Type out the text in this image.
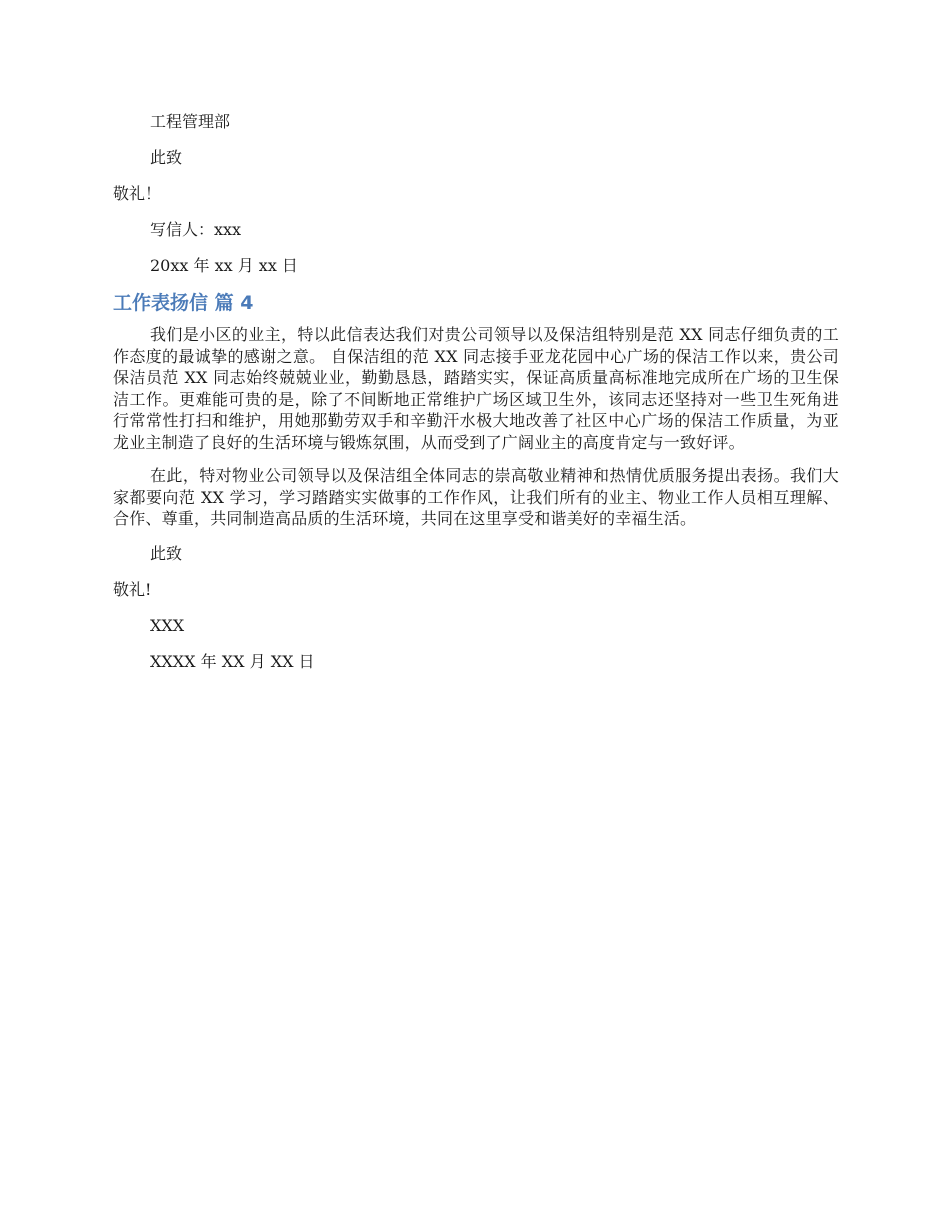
工程管理部

此致

敬礼！

写信人：xxx

20xx 年 xx 月 xx 日

工作表扬信 篇 4

我们是小区的业主，特以此信表达我们对贵公司领导以及保洁组特别是范 XX 同志仔细负责的工作态度的最诚挚的感谢之意。 自保洁组的范 XX 同志接手亚龙花园中心广场的保洁工作以来，贵公司保洁员范 XX 同志始终兢兢业业，勤勤恳恳，踏踏实实，保证高质量高标准地完成所在广场的卫生保洁工作。更难能可贵的是，除了不间断地正常维护广场区域卫生外，该同志还坚持对一些卫生死角进行常常性打扫和维护，用她那勤劳双手和辛勤汗水极大地改善了社区中心广场的保洁工作质量，为亚龙业主制造了良好的生活环境与锻炼氛围，从而受到了广阔业主的高度肯定与一致好评。

在此，特对物业公司领导以及保洁组全体同志的崇高敬业精神和热情优质服务提出表扬。我们大家都要向范 XX 学习，学习踏踏实实做事的工作作风，让我们所有的业主、物业工作人员相互理解、合作、尊重，共同制造高品质的生活环境，共同在这里享受和谐美好的幸福生活。

此致

敬礼!

XXX

XXXX 年 XX 月 XX 日
